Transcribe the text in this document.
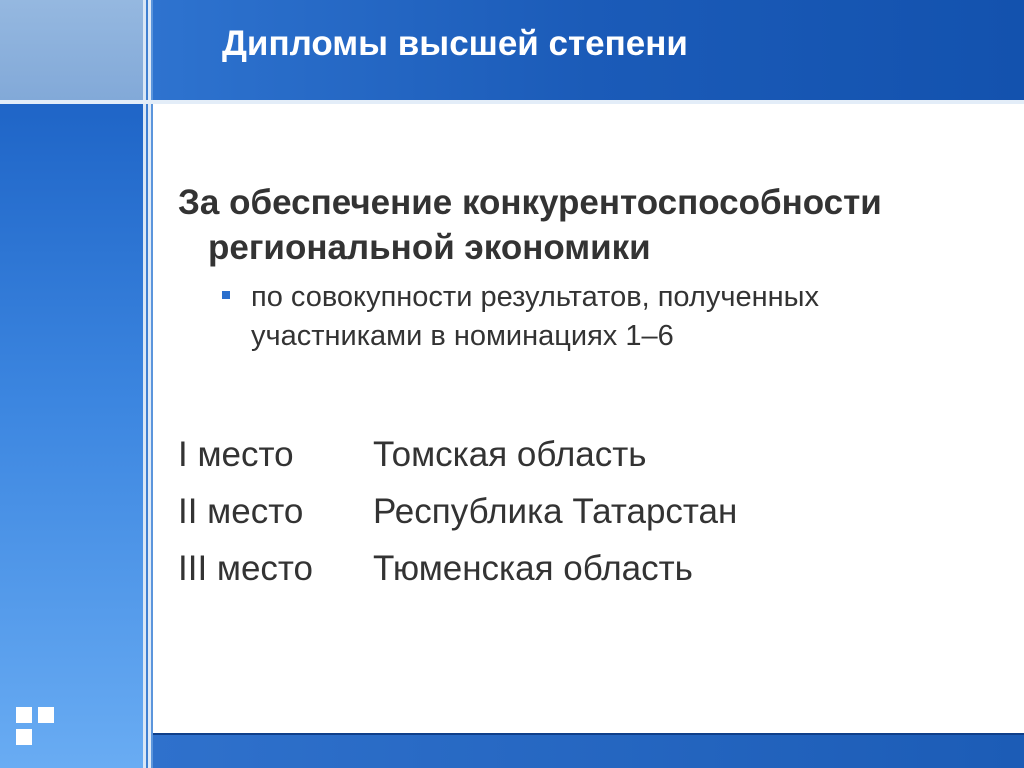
Дипломы высшей степени

За обеспечение конкурентоспособности региональной экономики

по совокупности результатов, полученных участниками в номинациях 1–6
I место	Томская область
II место	Республика Татарстан
III место	Тюменская область
